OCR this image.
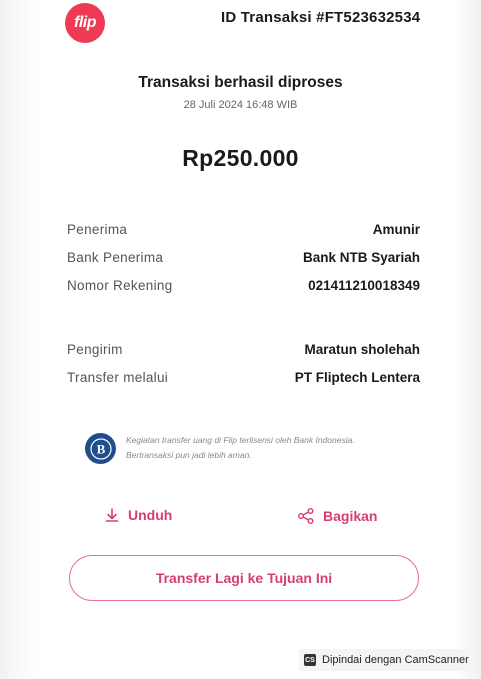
flip	ID Transaksi #FT523632534
Transaksi berhasil diproses
28 Juli 2024 16:48 WIB
Rp250.000
Penerima	Amunir
Bank Penerima	Bank NTB Syariah
Nomor Rekening	021411210018349
Pengirim	Maratun sholehah
Transfer melalui	PT Fliptech Lentera
B
Kegiatan transfer uang di Flip terlisensi oleh Bank Indonesia.
Bertransaksi pun jadi lebih aman.
Unduh	Bagikan
Transfer Lagi ke Tujuan Ini
CS Dipindai dengan CamScanner
